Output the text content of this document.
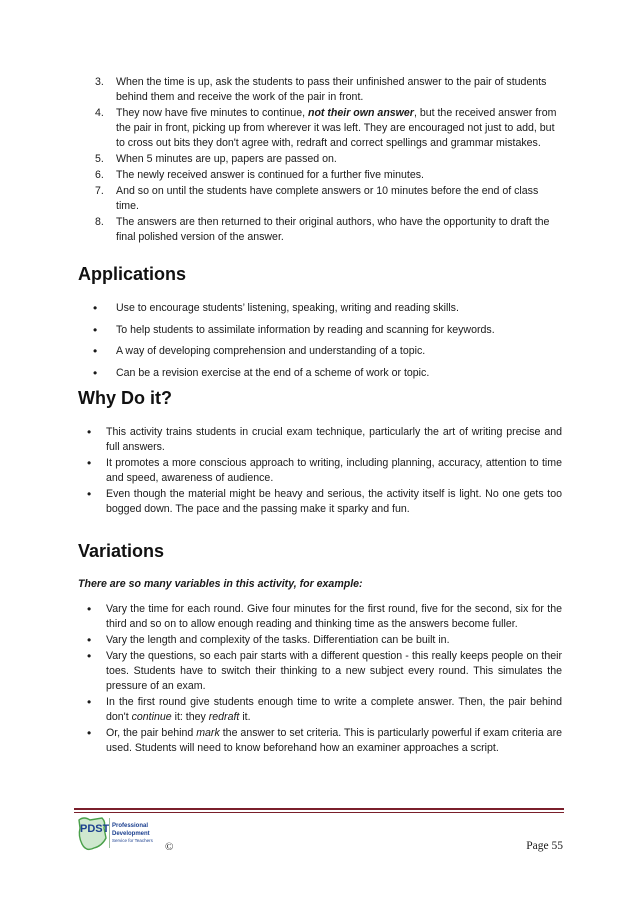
3. When the time is up, ask the students to pass their unfinished answer to the pair of students behind them and receive the work of the pair in front.
4. They now have five minutes to continue, not their own answer, but the received answer from the pair in front, picking up from wherever it was left. They are encouraged not just to add, but to cross out bits they don't agree with, redraft and correct spellings and grammar mistakes.
5. When 5 minutes are up, papers are passed on.
6. The newly received answer is continued for a further five minutes.
7. And so on until the students have complete answers or 10 minutes before the end of class time.
8. The answers are then returned to their original authors, who have the opportunity to draft the final polished version of the answer.
Applications
• Use to encourage students’ listening, speaking, writing and reading skills.
• To help students to assimilate information by reading and scanning for keywords.
• A way of developing comprehension and understanding of a topic.
• Can be a revision exercise at the end of a scheme of work or topic.
Why Do it?
• This activity trains students in crucial exam technique, particularly the art of writing precise and full answers.
• It promotes a more conscious approach to writing, including planning, accuracy, attention to time and speed, awareness of audience.
• Even though the material might be heavy and serious, the activity itself is light. No one gets too bogged down. The pace and the passing make it sparky and fun.
Variations
There are so many variables in this activity, for example:
• Vary the time for each round. Give four minutes for the first round, five for the second, six for the third and so on to allow enough reading and thinking time as the answers become fuller.
• Vary the length and complexity of the tasks. Differentiation can be built in.
• Vary the questions, so each pair starts with a different question - this really keeps people on their toes. Students have to switch their thinking to a new subject every round. This simulates the pressure of an exam.
• In the first round give students enough time to write a complete answer. Then, the pair behind don't continue it: they redraft it.
• Or, the pair behind mark the answer to set criteria. This is particularly powerful if exam criteria are used. Students will need to know beforehand how an examiner approaches a script.
PDST Professional
Development
Service for Teachers
©	Page 55
